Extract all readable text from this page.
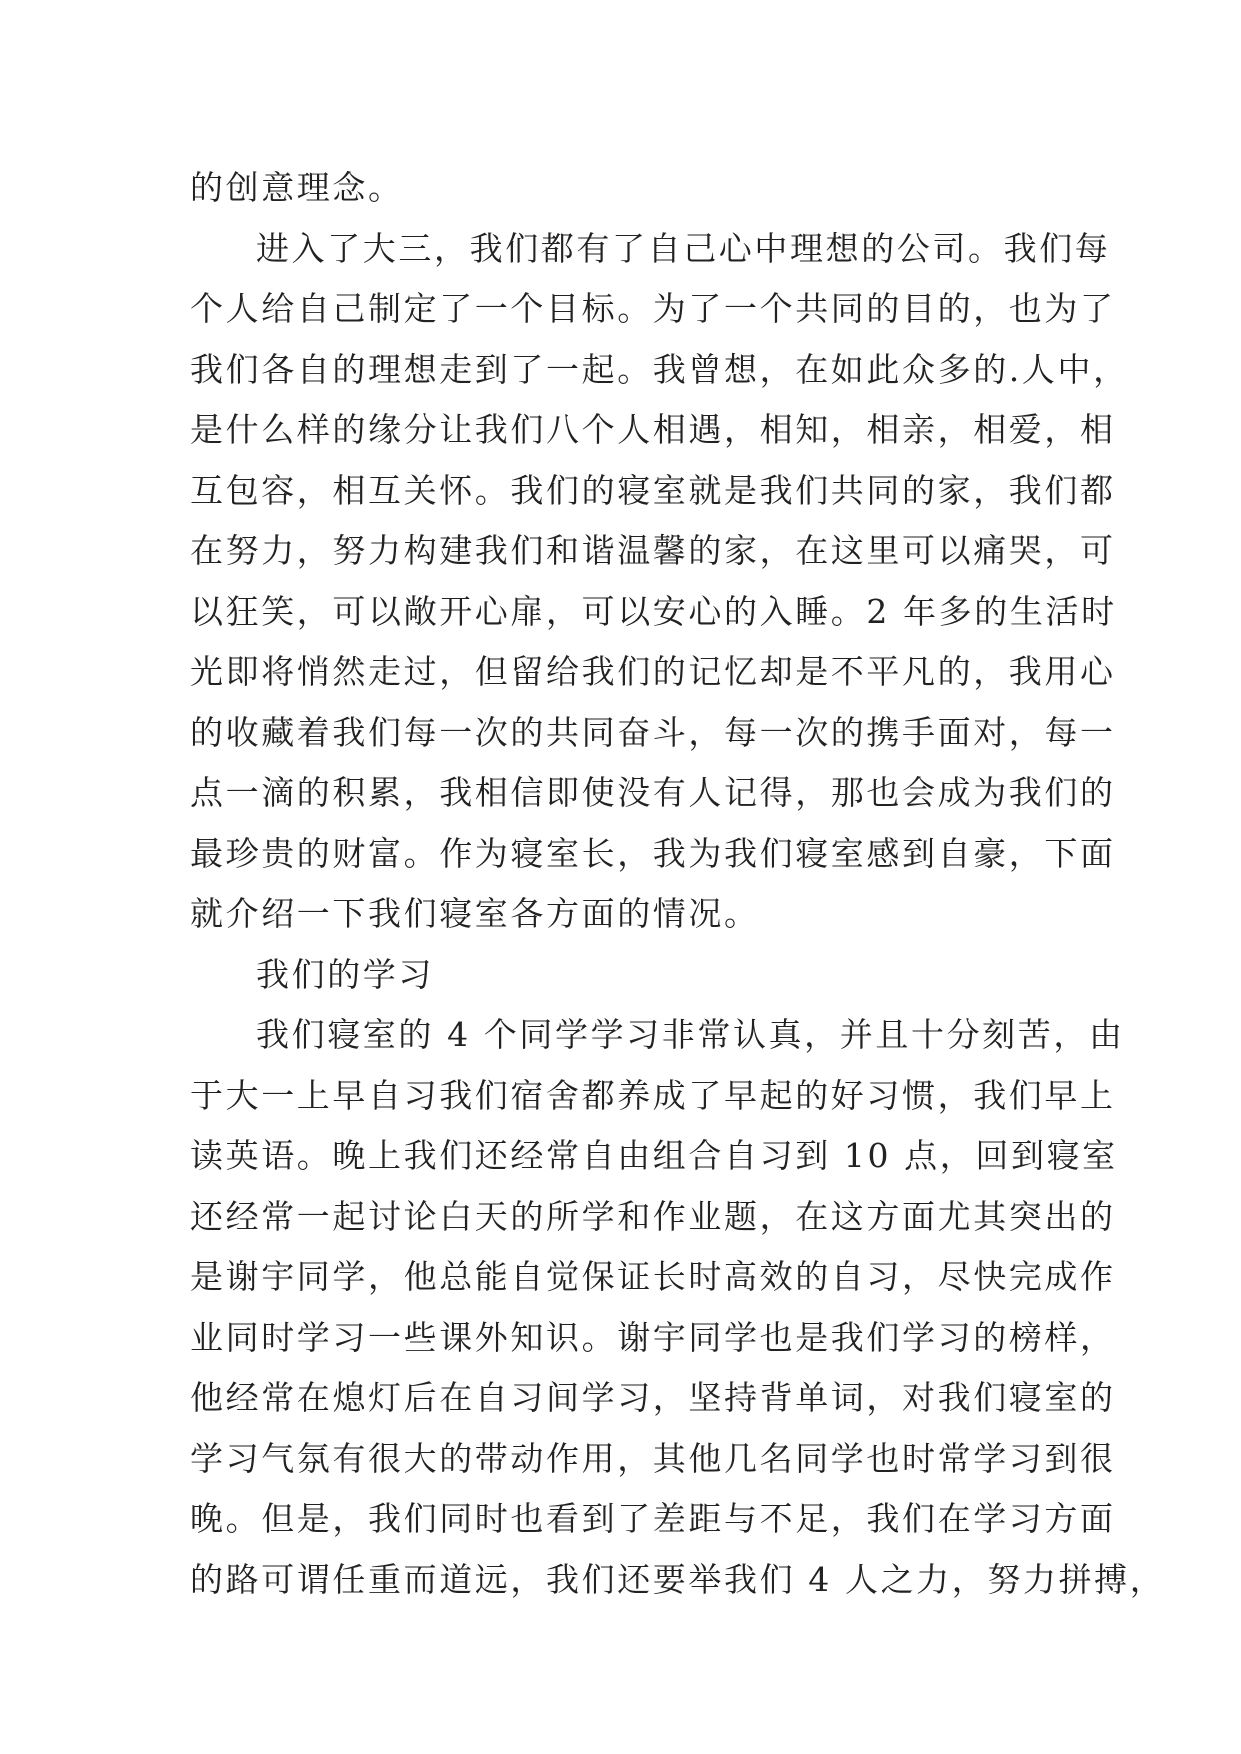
的创意理念。
进入了大三，我们都有了自己心中理想的公司。我们每
个人给自己制定了一个目标。为了一个共同的目的，也为了
我们各自的理想走到了一起。我曾想，在如此众多的.人中，
是什么样的缘分让我们八个人相遇，相知，相亲，相爱，相
互包容，相互关怀。我们的寝室就是我们共同的家，我们都
在努力，努力构建我们和谐温馨的家，在这里可以痛哭，可
以狂笑，可以敞开心扉，可以安心的入睡。2 年多的生活时
光即将悄然走过，但留给我们的记忆却是不平凡的，我用心
的收藏着我们每一次的共同奋斗，每一次的携手面对，每一
点一滴的积累，我相信即使没有人记得，那也会成为我们的
最珍贵的财富。作为寝室长，我为我们寝室感到自豪，下面
就介绍一下我们寝室各方面的情况。
我们的学习
我们寝室的 4 个同学学习非常认真，并且十分刻苦，由
于大一上早自习我们宿舍都养成了早起的好习惯，我们早上
读英语。晚上我们还经常自由组合自习到 10 点，回到寝室
还经常一起讨论白天的所学和作业题，在这方面尤其突出的
是谢宇同学，他总能自觉保证长时高效的自习，尽快完成作
业同时学习一些课外知识。谢宇同学也是我们学习的榜样，
他经常在熄灯后在自习间学习，坚持背单词，对我们寝室的
学习气氛有很大的带动作用，其他几名同学也时常学习到很
晚。但是，我们同时也看到了差距与不足，我们在学习方面
的路可谓任重而道远，我们还要举我们 4 人之力，努力拼搏，
